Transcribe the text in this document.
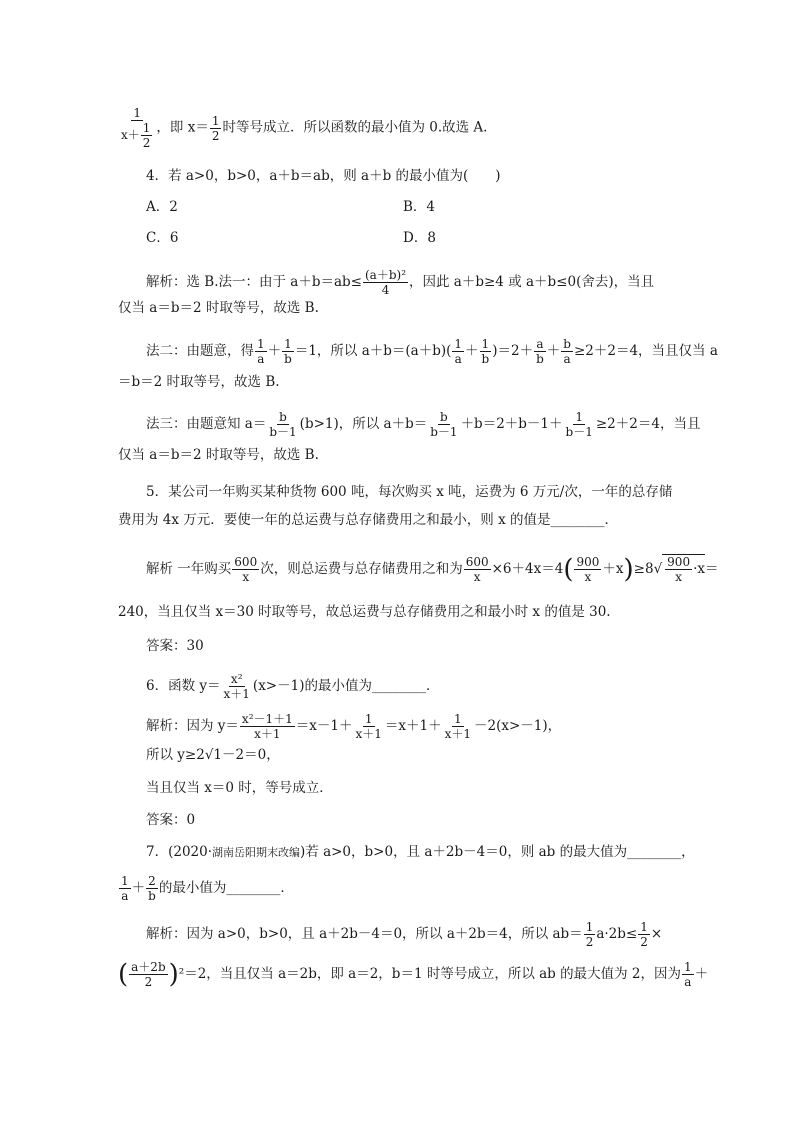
$\frac{1}{x+ \frac{1}{2}}$ ，即 $x= \frac{1}{2}$ 时等号成立．所以函数的最小值为 0.故选 A.
4．若 a>0，b>0，a＋b＝ab，则 a＋b 的最小值为(　　)
A．2	B．4
C．6	D．8
解析：选 B.法一：由于 $a+b=ab\le \frac{\text{(a＋b)²}}{4}$ ，因此 a＋b≥4 或 a＋b≤0(舍去)，当且
仅当 a＝b＝2 时取等号，故选 B.
法二：由题意，得 $\frac{1}{a} + \frac{1}{b} =1$，所以 $a+b=(a+b)( \frac{1}{a} + \frac{1}{b} )=2+ \frac{a}{b} + \frac{b}{a} \ge 2+2=4$，当且仅当 a
＝b＝2 时取等号，故选 B.
法三：由题意知 $a= \frac{b}{b-1} (b>1)$，所以 $a+b= \frac{b}{b-1} +b=2+b-1+ \frac{1}{b-1} \ge 2+2=4$，当且
仅当 a＝b＝2 时取等号，故选 B.
5．某公司一年购买某种货物 600 吨，每次购买 x 吨，运费为 6 万元/次，一年的总存储
费用为 4x 万元．要使一年的总运费与总存储费用之和最小，则 x 的值是________．
解析 一年购买 $\frac{600}{x}$ 次，则总运费与总存储费用之和为 $\frac{600}{x} \times 6+4x=4( \frac{900}{x} +x)\ge 8√ \frac{900}{x} \cdot x=$
240，当且仅当 x＝30 时取等号，故总运费与总存储费用之和最小时 x 的值是 30.
答案：30
6．函数 $y= \frac{\text{x²}}{x+1} (x>-1)$的最小值为________．
解析：因为 $y= \frac{\text{x²－1＋1}}{x+1} =x-1+ \frac{1}{x+1} =x+1+ \frac{1}{x+1} -2(x>-1)$，
所以 y≥2√1－2＝0，
当且仅当 x＝0 时，等号成立．
答案：0
7．(2020·湖南岳阳期末改编)若 a>0，b>0，且 a＋2b－4＝0，则 ab 的最大值为________，
$\frac{1}{a} + \frac{2}{b}$ 的最小值为________．
解析：因为 a>0，b>0，且 a＋2b－4＝0，所以 a＋2b＝4，所以 $ab= \frac{1}{2} a\cdot 2b\le \frac{1}{2}$ ×
( $\frac{a+2b}{2} )^2=2$，当且仅当 a＝2b，即 a＝2，b＝1 时等号成立，所以 ab 的最大值为 2，因为 $\frac{1}{a}$ ＋
